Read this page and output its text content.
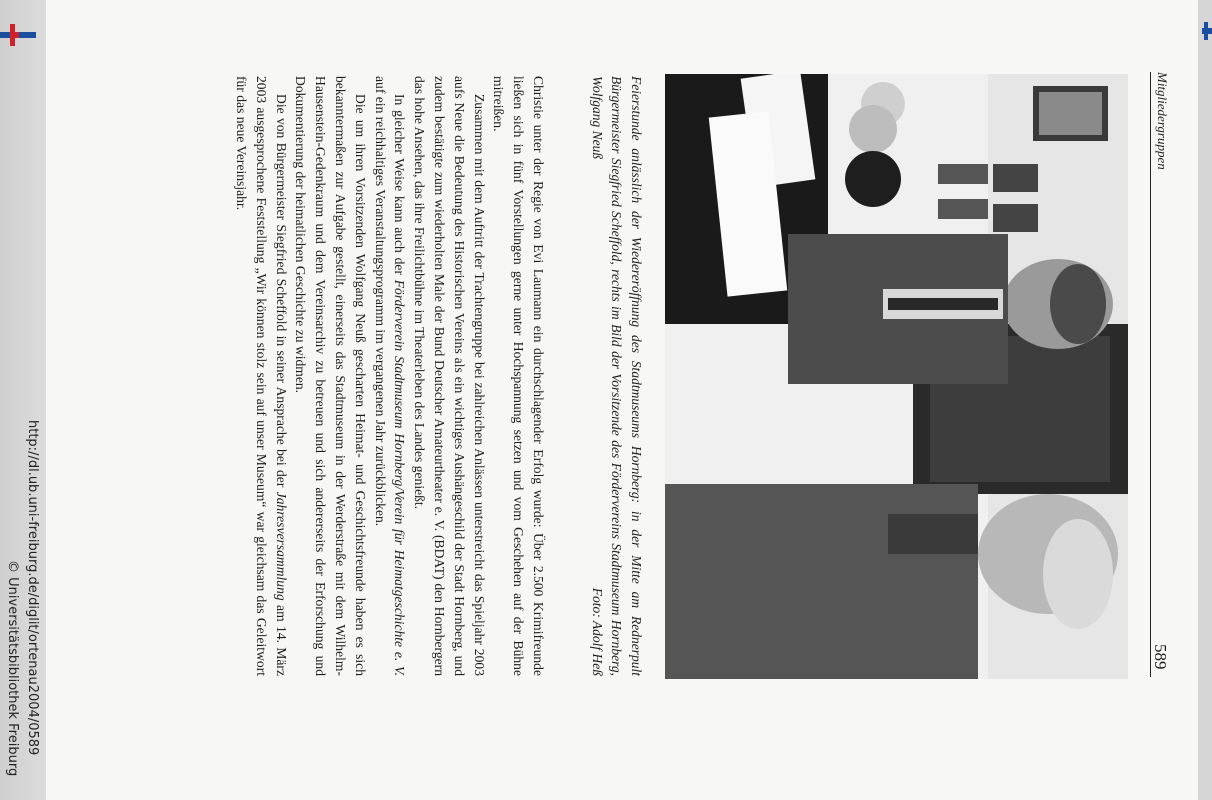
Mitgliedergruppen
589
Feierstunde anlässlich der Wiedereröffnung des Stadtmuseums Hornberg: in der Mitte am Rednerpult Bürgermeister Siegfried Scheffold, rechts im Bild der Vorsitzende des Fördervereins Stadtmuseum Hornberg, Wolfgang Neuß
Foto: Adolf Heß

Christie unter der Regie von Evi Laumann ein durchschlagender Erfolg wurde: Über 2.500 Krimifreunde ließen sich in fünf Vorstellungen gerne unter Hochspannung setzen und vom Geschehen auf der Bühne mitreißen.

Zusammen mit dem Auftritt der Trachtengruppe bei zahlreichen Anlässen unterstreicht das Spieljahr 2003 aufs Neue die Bedeutung des Historischen Vereins als ein wichtiges Aushängeschild der Stadt Hornberg, und zudem bestätigte zum wiederholten Male der Bund Deutscher Amateurtheater e. V. (BDAT) den Hornbergern das hohe Ansehen, das ihre Freilichtbühne im Theaterleben des Landes genießt.

In gleicher Weise kann auch der Förderverein Stadtmuseum Hornberg/Verein für Heimatgeschichte e. V. auf ein reichhaltiges Veranstaltungsprogramm im vergangenen Jahr zurückblicken.

Die um ihren Vorsitzenden Wolfgang Neuß gescharten Heimat- und Geschichtsfreunde haben es sich bekanntermaßen zur Aufgabe gestellt, einerseits das Stadtmuseum in der Werderstraße mit dem Wilhelm-Hausenstein-Gedenkraum und dem Vereinsarchiv zu betreuen und sich andererseits der Erforschung und Dokumentierung der heimatlichen Geschichte zu widmen.

Die von Bürgermeister Siegfried Scheffold in seiner Ansprache bei der Jahresversammlung am 14. März 2003 ausgesprochene Feststellung „Wir können stolz sein auf unser Museum“ war gleichsam das Geleitwort für das neue Vereinsjahr.

http://dl.ub.uni-freiburg.de/diglit/ortenau2004/0589
© Universitätsbibliothek Freiburg
